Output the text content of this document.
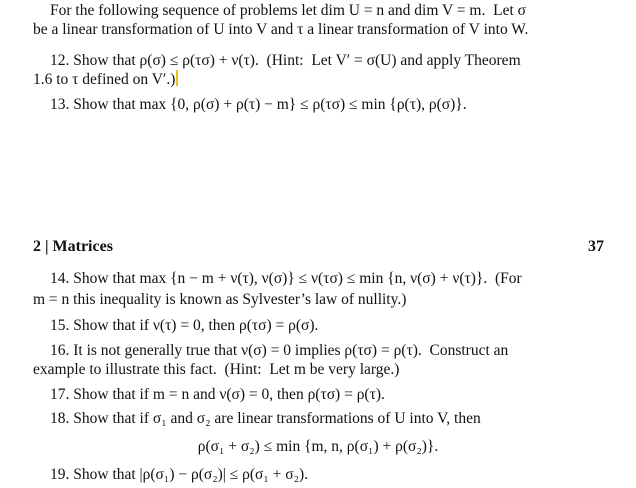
For the following sequence of problems let dim U = n and dim V = m.  Let σ
be a linear transformation of U into V and τ a linear transformation of V into W.
12. Show that ρ(σ) ≤ ρ(τσ) + ν(τ).  (Hint:  Let V′ = σ(U) and apply Theorem
1.6 to τ defined on V′.)
13. Show that max {0, ρ(σ) + ρ(τ) − m} ≤ ρ(τσ) ≤ min {ρ(τ), ρ(σ)}.
2 | Matrices	37
14. Show that max {n − m + ν(τ), ν(σ)} ≤ ν(τσ) ≤ min {n, ν(σ) + ν(τ)}.  (For
m = n this inequality is known as Sylvester’s law of nullity.)
15. Show that if ν(τ) = 0, then ρ(τσ) = ρ(σ).
16. It is not generally true that ν(σ) = 0 implies ρ(τσ) = ρ(τ).  Construct an
example to illustrate this fact.  (Hint:  Let m be very large.)
17. Show that if m = n and ν(σ) = 0, then ρ(τσ) = ρ(τ).
18. Show that if σ₁ and σ₂ are linear transformations of U into V, then
ρ(σ₁ + σ₂) ≤ min {m, n, ρ(σ₁) + ρ(σ₂)}.
19. Show that |ρ(σ₁) − ρ(σ₂)| ≤ ρ(σ₁ + σ₂).
